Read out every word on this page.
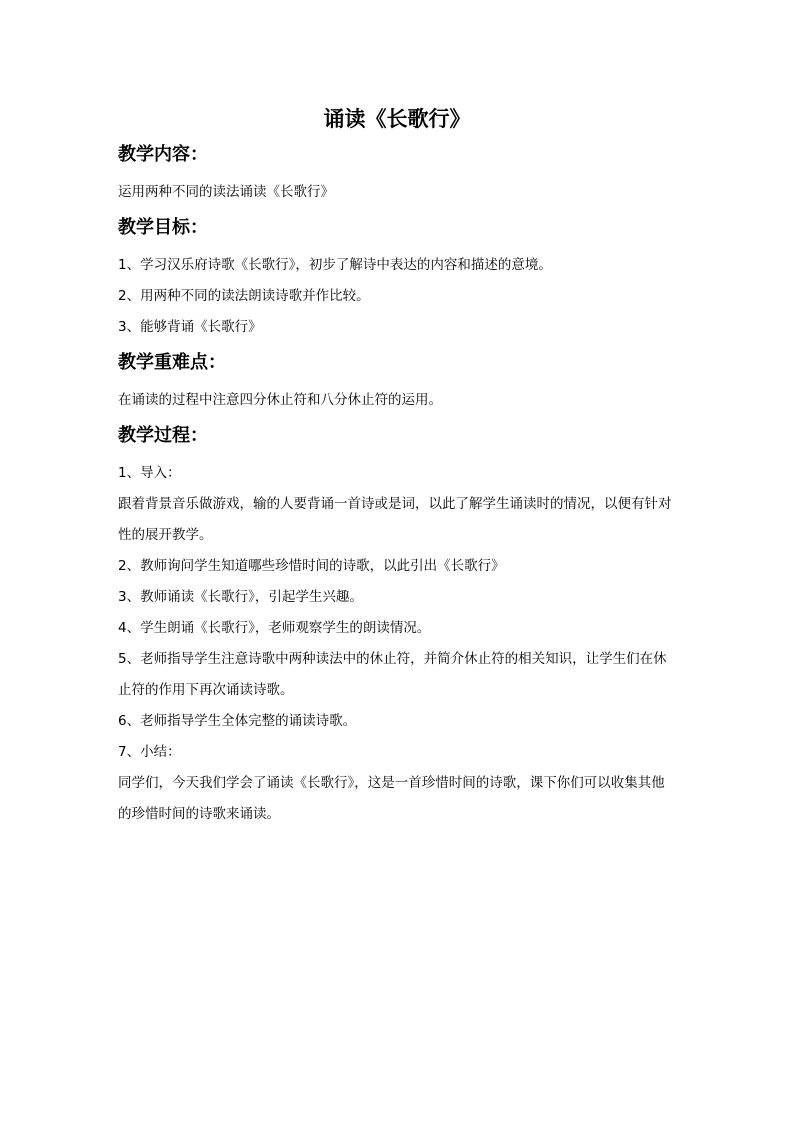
诵读《长歌行》
教学内容：

运用两种不同的读法诵读《长歌行》

教学目标：

1、学习汉乐府诗歌《长歌行》，初步了解诗中表达的内容和描述的意境。

2、用两种不同的读法朗读诗歌并作比较。

3、能够背诵《长歌行》

教学重难点：

在诵读的过程中注意四分休止符和八分休止符的运用。

教学过程：

1、导入：

跟着背景音乐做游戏，输的人要背诵一首诗或是词，以此了解学生诵读时的情况，以便有针对性的展开教学。

2、教师询问学生知道哪些珍惜时间的诗歌，以此引出《长歌行》

3、教师诵读《长歌行》，引起学生兴趣。

4、学生朗诵《长歌行》，老师观察学生的朗读情况。

5、老师指导学生注意诗歌中两种读法中的休止符，并简介休止符的相关知识，让学生们在休止符的作用下再次诵读诗歌。

6、老师指导学生全体完整的诵读诗歌。

7、小结：

同学们，今天我们学会了诵读《长歌行》，这是一首珍惜时间的诗歌，课下你们可以收集其他的珍惜时间的诗歌来诵读。
